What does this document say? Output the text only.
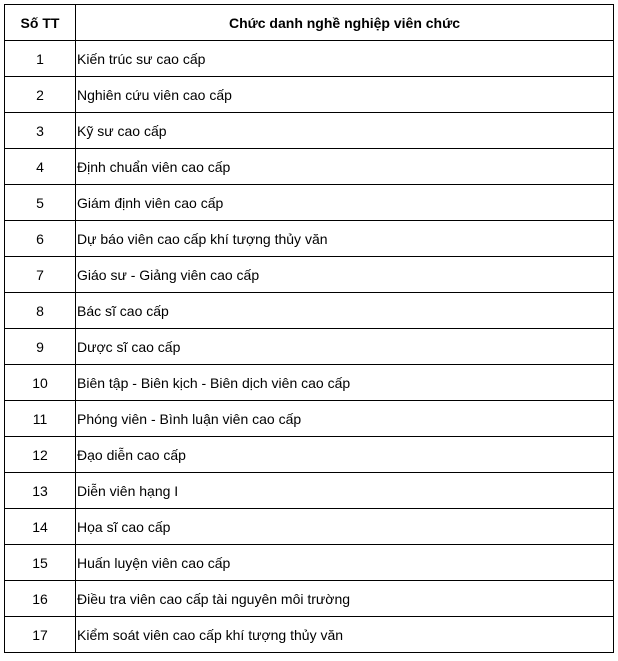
Số TT	Chức danh nghề nghiệp viên chức
1	Kiến trúc sư cao cấp
2	Nghiên cứu viên cao cấp
3	Kỹ sư cao cấp
4	Định chuẩn viên cao cấp
5	Giám định viên cao cấp
6	Dự báo viên cao cấp khí tượng thủy văn
7	Giáo sư - Giảng viên cao cấp
8	Bác sĩ cao cấp
9	Dược sĩ cao cấp
10	Biên tập - Biên kịch - Biên dịch viên cao cấp
11	Phóng viên - Bình luận viên cao cấp
12	Đạo diễn cao cấp
13	Diễn viên hạng I
14	Họa sĩ cao cấp
15	Huấn luyện viên cao cấp
16	Điều tra viên cao cấp tài nguyên môi trường
17	Kiểm soát viên cao cấp khí tượng thủy văn
